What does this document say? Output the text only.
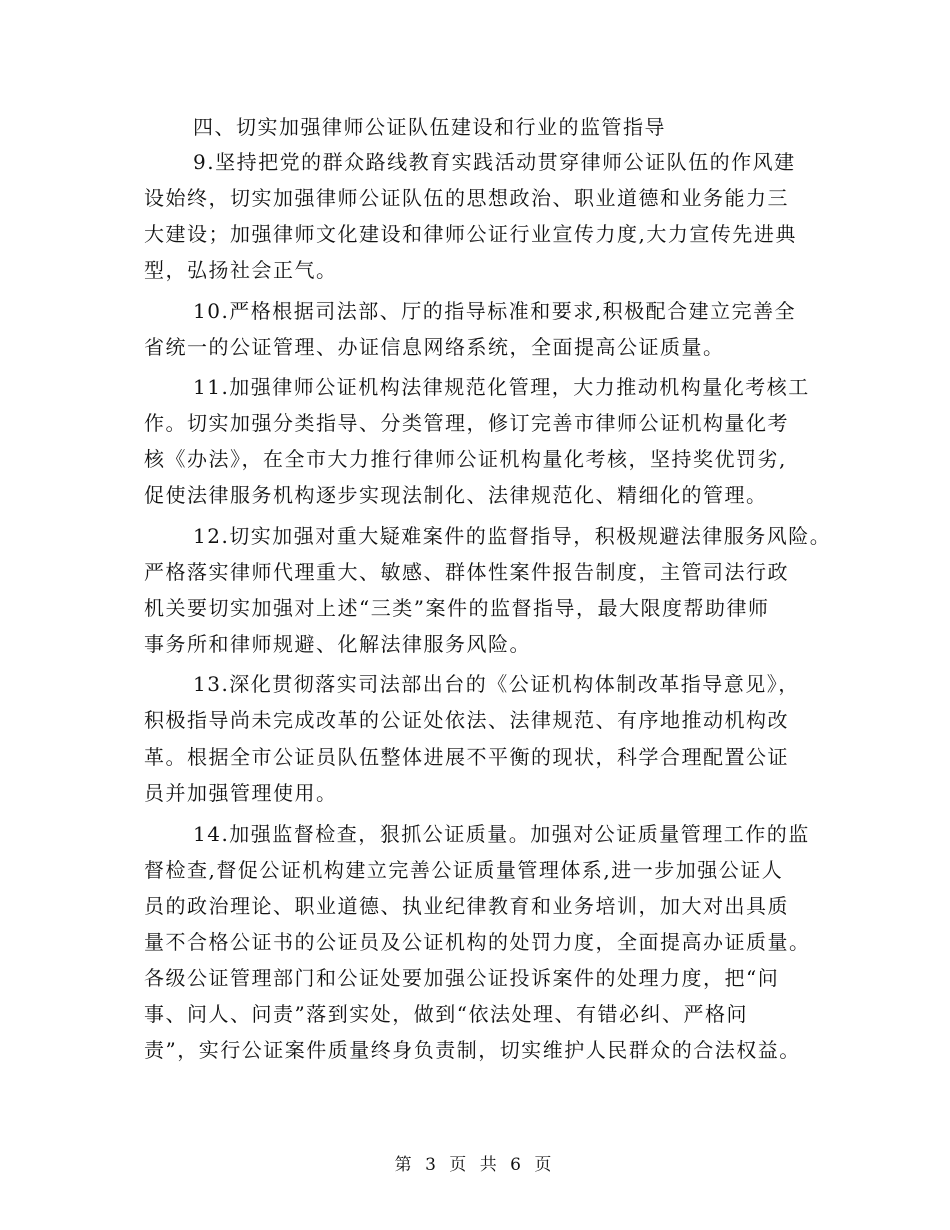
四、切实加强律师公证队伍建设和行业的监管指导
9.坚持把党的群众路线教育实践活动贯穿律师公证队伍的作风建
设始终，切实加强律师公证队伍的思想政治、职业道德和业务能力三
大建设；加强律师文化建设和律师公证行业宣传力度,大力宣传先进典
型，弘扬社会正气。
10.严格根据司法部、厅的指导标准和要求,积极配合建立完善全
省统一的公证管理、办证信息网络系统，全面提高公证质量。
11.加强律师公证机构法律规范化管理，大力推动机构量化考核工
作。切实加强分类指导、分类管理，修订完善市律师公证机构量化考
核《办法》，在全市大力推行律师公证机构量化考核，坚持奖优罚劣,
促使法律服务机构逐步实现法制化、法律规范化、精细化的管理。
12.切实加强对重大疑难案件的监督指导，积极规避法律服务风险。
严格落实律师代理重大、敏感、群体性案件报告制度，主管司法行政
机关要切实加强对上述“三类”案件的监督指导，最大限度帮助律师
事务所和律师规避、化解法律服务风险。
13.深化贯彻落实司法部出台的《公证机构体制改革指导意见》，
积极指导尚未完成改革的公证处依法、法律规范、有序地推动机构改
革。根据全市公证员队伍整体进展不平衡的现状，科学合理配置公证
员并加强管理使用。
14.加强监督检查，狠抓公证质量。加强对公证质量管理工作的监
督检查,督促公证机构建立完善公证质量管理体系,进一步加强公证人
员的政治理论、职业道德、执业纪律教育和业务培训，加大对出具质
量不合格公证书的公证员及公证机构的处罚力度，全面提高办证质量。
各级公证管理部门和公证处要加强公证投诉案件的处理力度，把“问
事、问人、问责”落到实处，做到“依法处理、有错必纠、严格问
责”，实行公证案件质量终身负责制，切实维护人民群众的合法权益。
第 3 页 共 6 页
